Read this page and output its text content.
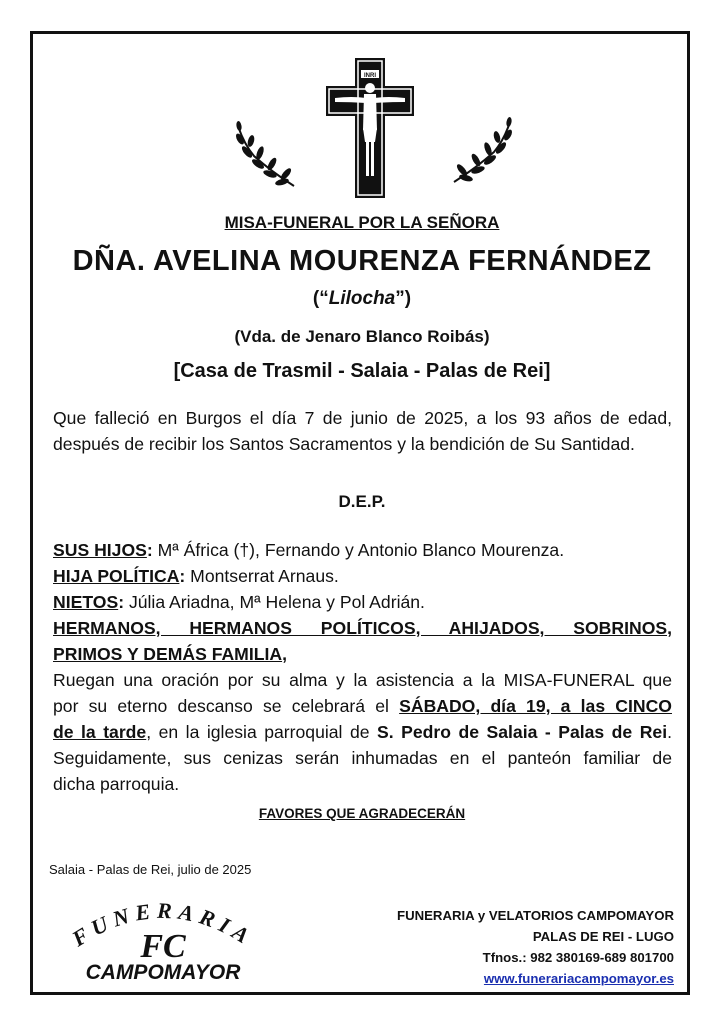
INRI
MISA-FUNERAL POR LA SEÑORA
DÑA. AVELINA MOURENZA FERNÁNDEZ
(“Lilocha”)
(Vda. de Jenaro Blanco Roibás)
[Casa de Trasmil - Salaia - Palas de Rei]
Que falleció en Burgos el día 7 de junio de 2025, a los 93 años de edad, después de recibir los Santos Sacramentos y la bendición de Su Santidad.
D.E.P.
SUS HIJOS: Mª África (†), Fernando y Antonio Blanco Mourenza.
HIJA POLÍTICA: Montserrat Arnaus.
NIETOS: Júlia Ariadna, Mª Helena y Pol Adrián.
HERMANOS, HERMANOS POLÍTICOS, AHIJADOS, SOBRINOS,
PRIMOS Y DEMÁS FAMILIA,
Ruegan una oración por su alma y la asistencia a la MISA-FUNERAL que
por su eterno descanso se celebrará el SÁBADO, día 19, a las CINCO
de la tarde, en la iglesia parroquial de S. Pedro de Salaia - Palas de Rei.
Seguidamente, sus cenizas serán inhumadas en el panteón familiar de
dicha parroquia.
FAVORES QUE AGRADECERÁN
Salaia - Palas de Rei, julio de 2025
FUNERARIA
FC
CAMPOMAYOR
FUNERARIA y VELATORIOS CAMPOMAYOR
PALAS DE REI - LUGO
Tfnos.: 982 380169-689 801700
www.funerariacampomayor.es
